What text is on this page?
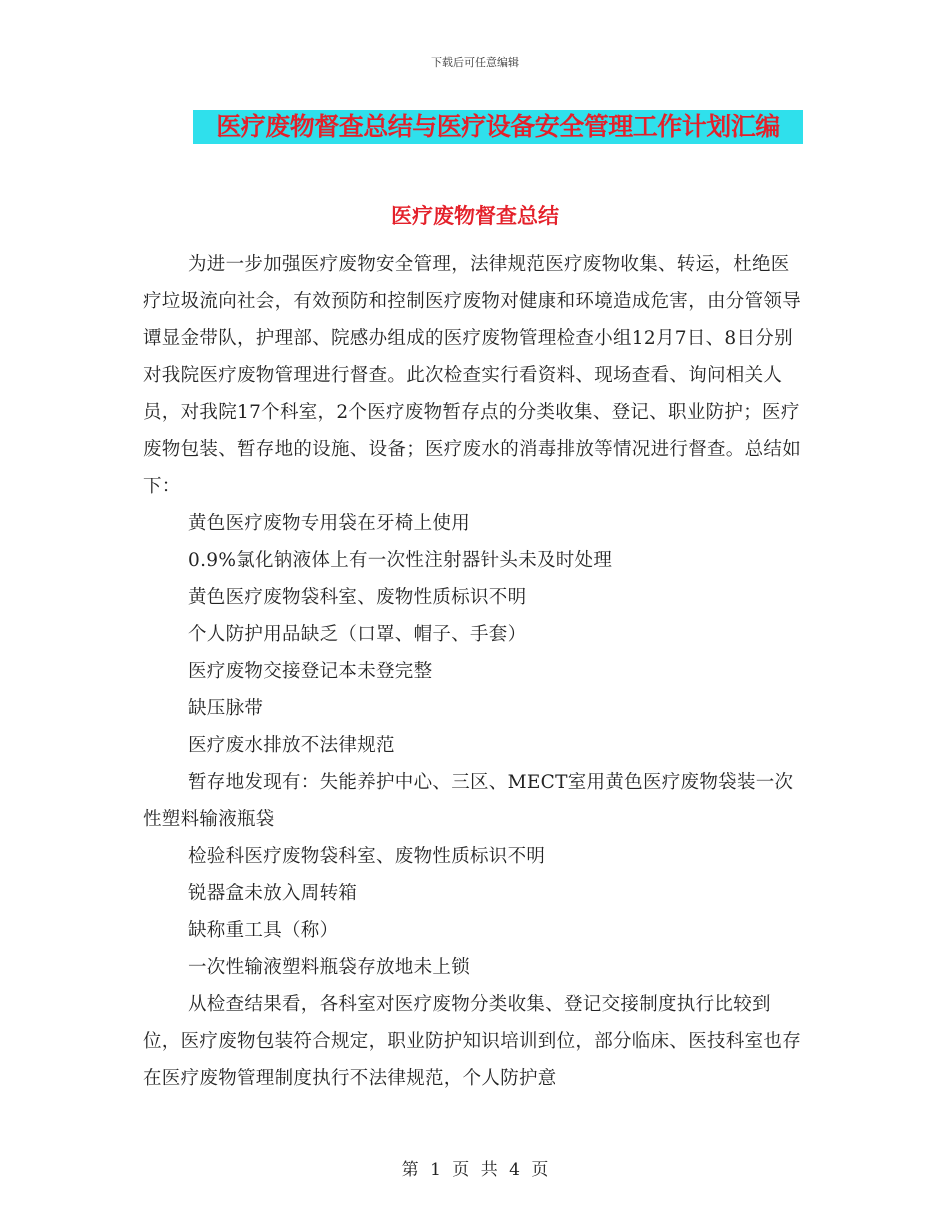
下载后可任意编辑
医疗废物督查总结与医疗设备安全管理工作计划汇编
医疗废物督查总结

为进一步加强医疗废物安全管理，法律规范医疗废物收集、转运，杜绝医疗垃圾流向社会，有效预防和控制医疗废物对健康和环境造成危害，由分管领导谭显金带队，护理部、院感办组成的医疗废物管理检查小组12月7日、8日分别对我院医疗废物管理进行督查。此次检查实行看资料、现场查看、询问相关人员，对我院17个科室，2个医疗废物暂存点的分类收集、登记、职业防护；医疗废物包装、暂存地的设施、设备；医疗废水的消毒排放等情况进行督查。总结如下：

黄色医疗废物专用袋在牙椅上使用

0.9%氯化钠液体上有一次性注射器针头未及时处理

黄色医疗废物袋科室、废物性质标识不明

个人防护用品缺乏（口罩、帽子、手套）

医疗废物交接登记本未登完整

缺压脉带

医疗废水排放不法律规范

暂存地发现有：失能养护中心、三区、MECT室用黄色医疗废物袋装一次性塑料输液瓶袋

检验科医疗废物袋科室、废物性质标识不明

锐器盒未放入周转箱

缺称重工具（称）

一次性输液塑料瓶袋存放地未上锁

从检查结果看，各科室对医疗废物分类收集、登记交接制度执行比较到位，医疗废物包装符合规定，职业防护知识培训到位，部分临床、医技科室也存在医疗废物管理制度执行不法律规范，个人防护意

第 1 页 共 4 页
